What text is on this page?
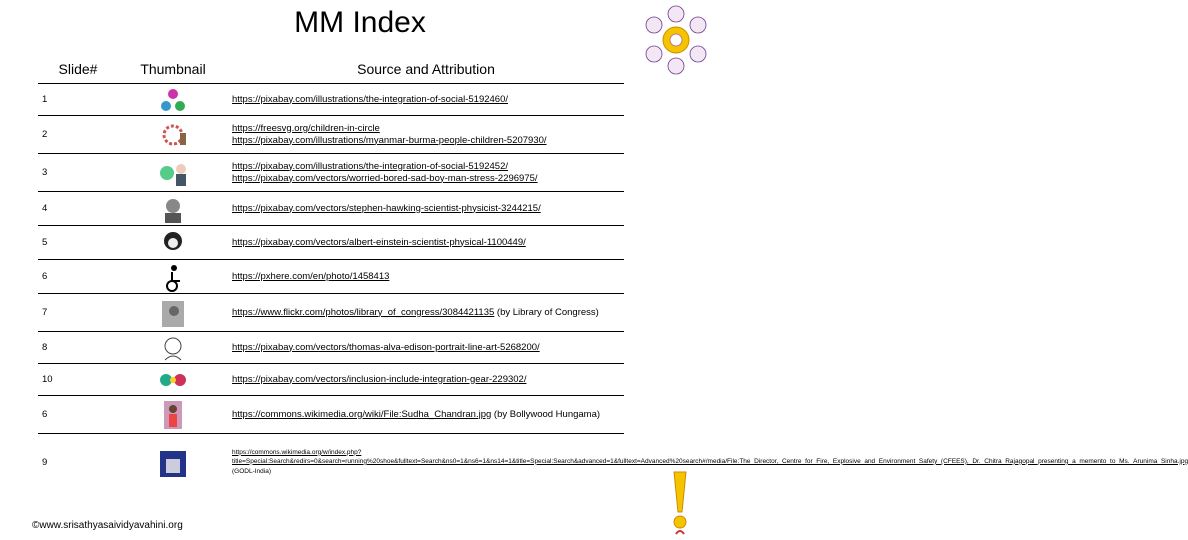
MM Index
Slide#	Thumbnail	Source and Attribution
1		https://pixabay.com/illustrations/the-integration-of-social-5192460/

2		https://freesvg.org/children-in-circle
https://pixabay.com/illustrations/myanmar-burma-people-children-5207930/

3		https://pixabay.com/illustrations/the-integration-of-social-5192452/
https://pixabay.com/vectors/worried-bored-sad-boy-man-stress-2296975/

4		https://pixabay.com/vectors/stephen-hawking-scientist-physicist-3244215/

5		https://pixabay.com/vectors/albert-einstein-scientist-physical-1100449/

6		https://pxhere.com/en/photo/1458413

7		https://www.flickr.com/photos/library_of_congress/3084421135 (by Library of Congress)
8		https://pixabay.com/vectors/thomas-alva-edison-portrait-line-art-5268200/

10		https://pixabay.com/vectors/inclusion-include-integration-gear-229302/

6		https://commons.wikimedia.org/wiki/File:Sudha_Chandran.jpg (by Bollywood Hungama)
9		https://commons.wikimedia.org/w/index.php?title=Special:Search&redirs=0&search=running%20shoe&fulltext=Search&ns0=1&ns6=1&ns14=1&title=Special:Search&advanced=1&fulltext=Advanced%20search#/media/File:The_Director,_Centre_for_Fire,_Explosive_and_Environment_Safety_(CFEES),_Dr._Chitra_Rajagopal_presenting_a_memento_to_Ms._Arunima_Sinha.jpg (GODL-India)
©www.srisathyasaividyavahini.org
